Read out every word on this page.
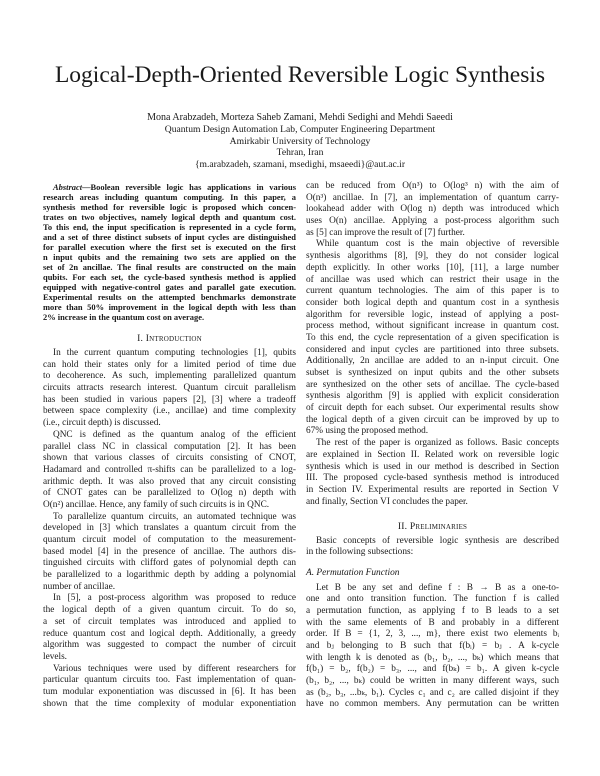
Logical-Depth-Oriented Reversible Logic Synthesis
Mona Arabzadeh, Morteza Saheb Zamani, Mehdi Sedighi and Mehdi Saeedi
Quantum Design Automation Lab, Computer Engineering Department
Amirkabir University of Technology
Tehran, Iran
{m.arabzadeh, szamani, msedighi, msaeedi}@aut.ac.ir
Abstract—Boolean reversible logic has applications in various
research areas including quantum computing. In this paper, a
synthesis method for reversible logic is proposed which concen-
trates on two objectives, namely logical depth and quantum cost.
To this end, the input specification is represented in a cycle form,
and a set of three distinct subsets of input cycles are distinguished
for parallel execution where the first set is executed on the first
n input qubits and the remaining two sets are applied on the
set of 2n ancillae. The final results are constructed on the main
qubits. For each set, the cycle-based synthesis method is applied
equipped with negative-control gates and parallel gate execution.
Experimental results on the attempted benchmarks demonstrate
more than 50% improvement in the logical depth with less than
2% increase in the quantum cost on average.
I. Introduction
In the current quantum computing technologies [1], qubits
can hold their states only for a limited period of time due
to decoherence. As such, implementing parallelized quantum
circuits attracts research interest. Quantum circuit parallelism
has been studied in various papers [2], [3] where a tradeoff
between space complexity (i.e., ancillae) and time complexity
(i.e., circuit depth) is discussed.
QNC is defined as the quantum analog of the efficient
parallel class NC in classical computation [2]. It has been
shown that various classes of circuits consisting of CNOT,
Hadamard and controlled π-shifts can be parallelized to a log-
arithmic depth. It was also proved that any circuit consisting
of CNOT gates can be parallelized to O(log n) depth with
O(n²) ancillae. Hence, any family of such circuits is in QNC.
To parallelize quantum circuits, an automated technique was
developed in [3] which translates a quantum circuit from the
quantum circuit model of computation to the measurement-
based model [4] in the presence of ancillae. The authors dis-
tinguished circuits with clifford gates of polynomial depth can
be parallelized to a logarithmic depth by adding a polynomial
number of ancillae.
In [5], a post-process algorithm was proposed to reduce
the logical depth of a given quantum circuit. To do so,
a set of circuit templates was introduced and applied to
reduce quantum cost and logical depth. Additionally, a greedy
algorithm was suggested to compact the number of circuit
levels.
Various techniques were used by different researchers for
particular quantum circuits too. Fast implementation of quan-
tum modular exponentiation was discussed in [6]. It has been
shown that the time complexity of modular exponentiation
can be reduced from O(n³) to O(log³ n) with the aim of
O(n³) ancillae. In [7], an implementation of quantum carry-
lookahead adder with O(log n) depth was introduced which
uses O(n) ancillae. Applying a post-process algorithm such
as [5] can improve the result of [7] further.
While quantum cost is the main objective of reversible
synthesis algorithms [8], [9], they do not consider logical
depth explicitly. In other works [10], [11], a large number
of ancillae was used which can restrict their usage in the
current quantum technologies. The aim of this paper is to
consider both logical depth and quantum cost in a synthesis
algorithm for reversible logic, instead of applying a post-
process method, without significant increase in quantum cost.
To this end, the cycle representation of a given specification is
considered and input cycles are partitioned into three subsets.
Additionally, 2n ancillae are added to an n-input circuit. One
subset is synthesized on input qubits and the other subsets
are synthesized on the other sets of ancillae. The cycle-based
synthesis algorithm [9] is applied with explicit consideration
of circuit depth for each subset. Our experimental results show
the logical depth of a given circuit can be improved by up to
67% using the proposed method.
The rest of the paper is organized as follows. Basic concepts
are explained in Section II. Related work on reversible logic
synthesis which is used in our method is described in Section
III. The proposed cycle-based synthesis method is introduced
in Section IV. Experimental results are reported in Section V
and finally, Section VI concludes the paper.
II. Preliminaries
Basic concepts of reversible logic synthesis are described
in the following subsections:
A. Permutation Function
Let B be any set and define f : B → B as a one-to-
one and onto transition function. The function f is called
a permutation function, as applying f to B leads to a set
with the same elements of B and probably in a different
order. If B = {1, 2, 3, ..., m}, there exist two elements bᵢ
and bⱼ belonging to B such that f(bᵢ) = bⱼ . A k-cycle
with length k is denoted as (b₁, b₂, ..., bₖ) which means that
f(b₁) = b₂, f(b₂) = b₃, ..., and f(bₖ) = b₁. A given k-cycle
(b₁, b₂, ..., bₖ) could be written in many different ways, such
as (b₂, b₃, ...bₖ, b₁). Cycles c₁ and c₂ are called disjoint if they
have no common members. Any permutation can be written
